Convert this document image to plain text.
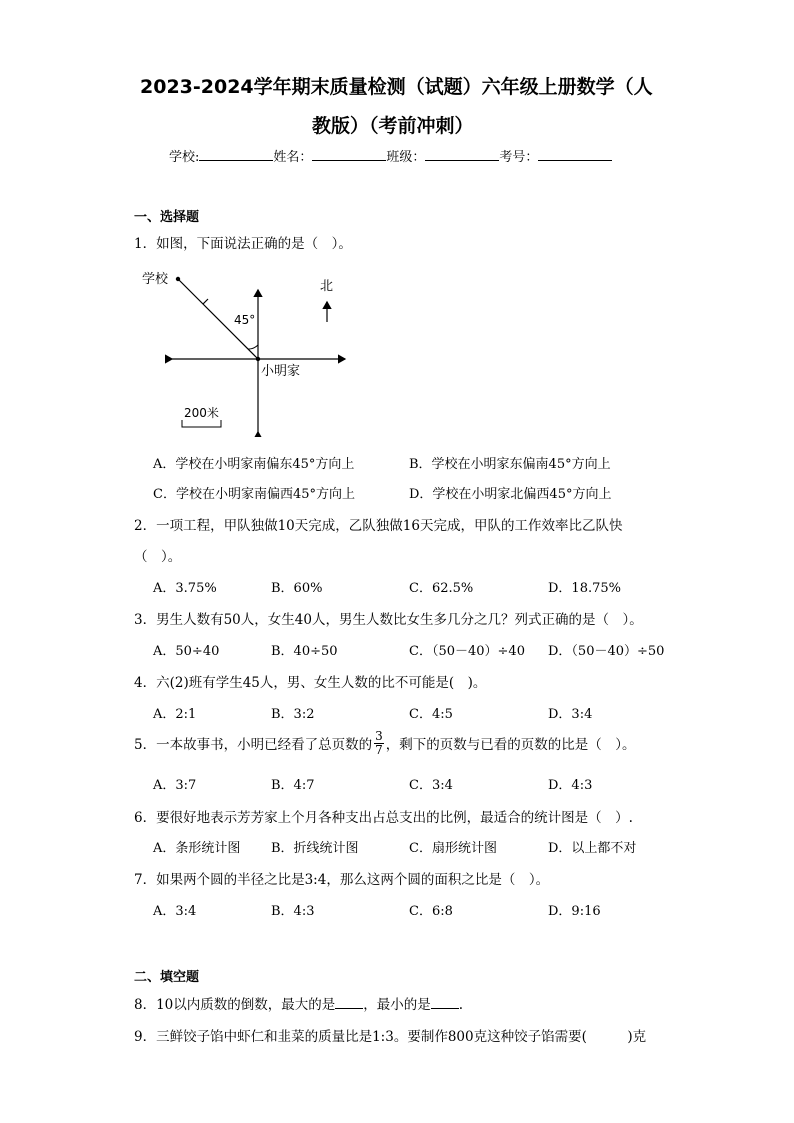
2023-2024学年期末质量检测（试题）六年级上册数学（人
教版）（考前冲刺）
学校:	姓名：	班级：	考号：
一、选择题
1．如图，下面说法正确的是（　）。
学校
45°
北
小明家
200米
A．学校在小明家南偏东45°方向上	B．学校在小明家东偏南45°方向上
C．学校在小明家南偏西45°方向上	D．学校在小明家北偏西45°方向上
2．一项工程，甲队独做10天完成，乙队独做16天完成，甲队的工作效率比乙队快
（　）。
A．3.75%	B．60%	C．62.5%	D．18.75%
3．男生人数有50人，女生40人，男生人数比女生多几分之几？列式正确的是（　）。
A．50÷40	B．40÷50	C．（50－40）÷40 D．（50－40）÷50
4．六(2)班有学生45人，男、女生人数的比不可能是(　)。
A．2:1	B．3:2	C．4:5	D．3:4
5．一本故事书，小明已经看了总页数的 $\frac{3}{7}$ ，剩下的页数与已看的页数的比是（　）。
A．3:7	B．4:7	C．3:4	D．4:3
6．要很好地表示芳芳家上个月各种支出占总支出的比例，最适合的统计图是（　）.
A．条形统计图 B．折线统计图	C．扇形统计图	D．以上都不对
7．如果两个圆的半径之比是3:4，那么这两个圆的面积之比是（　）。
A．3:4	B．4:3	C．6:8	D．9:16
二、填空题
8．10以内质数的倒数，最大的是 ，最小的是 .
9．三鲜饺子馅中虾仁和韭菜的质量比是1:3。要制作800克这种饺子馅需要(　　　)克
